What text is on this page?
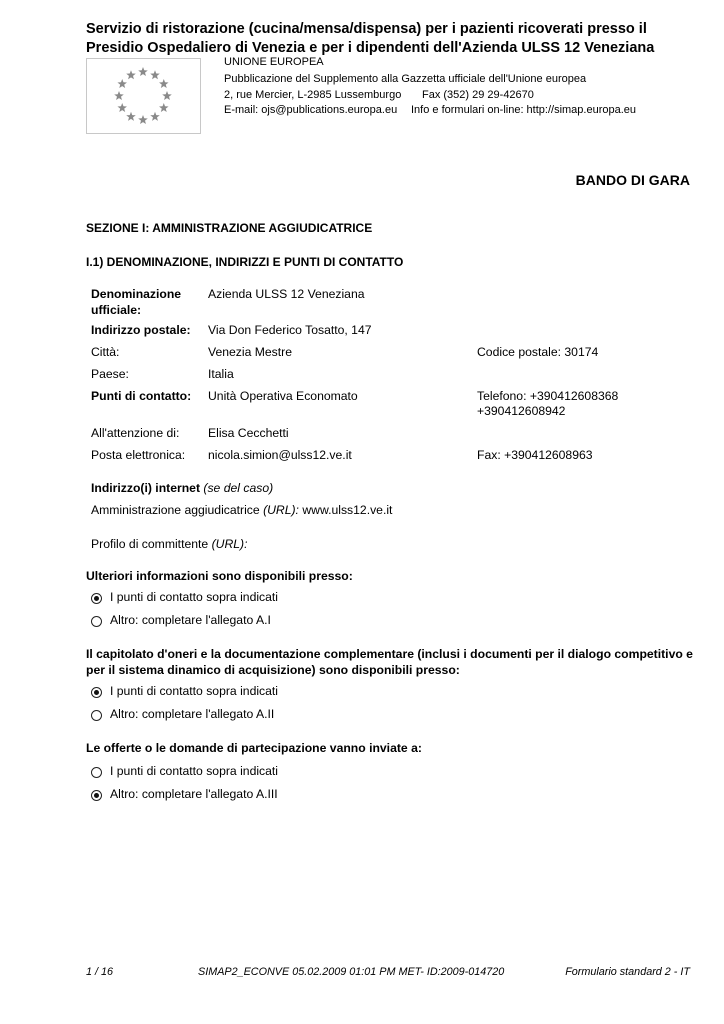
Servizio di ristorazione (cucina/mensa/dispensa) per i pazienti ricoverati presso il Presidio Ospedaliero di Venezia e per i dipendenti dell'Azienda ULSS 12 Veneziana
UNIONE EUROPEA
Pubblicazione del Supplemento alla Gazzetta ufficiale dell'Unione europea
2, rue Mercier, L-2985 Lussemburgo Fax (352) 29 29-42670
E-mail: ojs@publications.europa.eu Info e formulari on-line: http://simap.europa.eu
BANDO DI GARA
SEZIONE I: AMMINISTRAZIONE AGGIUDICATRICE
I.1) DENOMINAZIONE, INDIRIZZI E PUNTI DI CONTATTO
Denominazione ufficiale:
Azienda ULSS 12 Veneziana
Indirizzo postale: Via Don Federico Tosatto, 147
Città:	Venezia Mestre	Codice postale: 30174
Paese:	Italia
Punti di contatto: Unità Operativa Economato	Telefono: +390412608368
+390412608942
All'attenzione di: Elisa Cecchetti
Posta elettronica: nicola.simion@ulss12.ve.it	Fax: +390412608963
Indirizzo(i) internet (se del caso)
Amministrazione aggiudicatrice (URL): www.ulss12.ve.it
Profilo di committente (URL):
Ulteriori informazioni sono disponibili presso:
I punti di contatto sopra indicati
Altro: completare l'allegato A.I
Il capitolato d'oneri e la documentazione complementare (inclusi i documenti per il dialogo competitivo e per il sistema dinamico di acquisizione) sono disponibili presso:
I punti di contatto sopra indicati
Altro: completare l'allegato A.II
Le offerte o le domande di partecipazione vanno inviate a:
I punti di contatto sopra indicati
Altro: completare l'allegato A.III
1 / 16	SIMAP2_ECONVE 05.02.2009 01:01 PM MET- ID:2009-014720	Formulario standard 2 - IT
